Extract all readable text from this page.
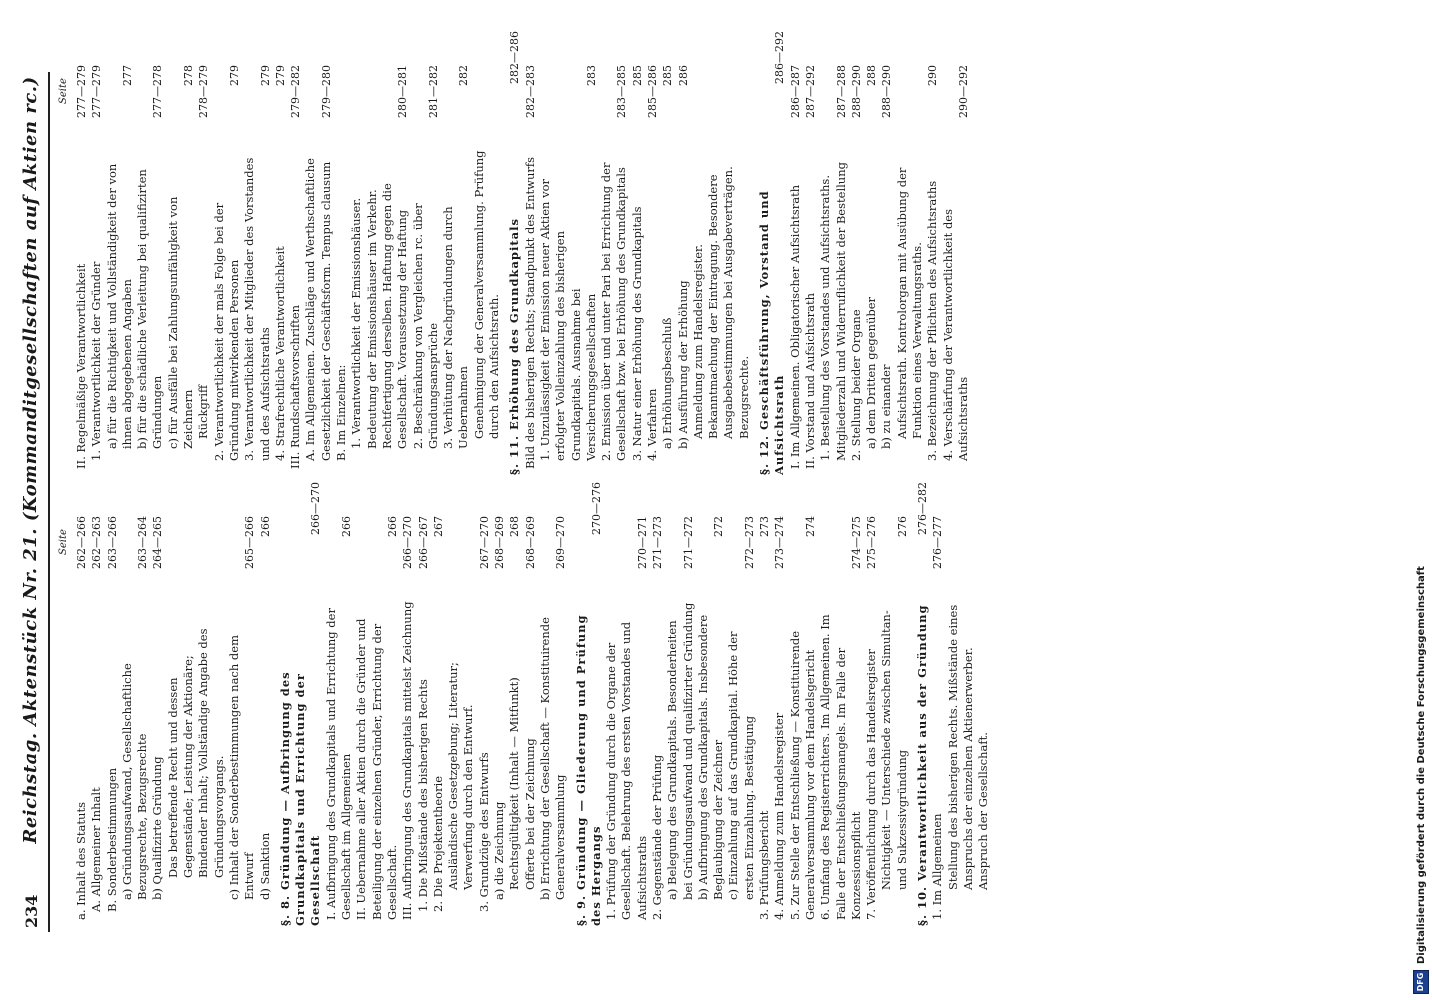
234
Reichstag. Aktenstück Nr. 21. (Kommanditgesellschaften auf Aktien rc.) Seite
Seite
a. Inhalt des Statuts
262—266
A. Allgemeiner Inhalt
262—263
B. Sonderbestimmungen
263—266
a) Gründungsaufwand, Gesellschaftliche Bezugsrechte, Bezugsrechte
263—264
b) Qualifizirte Gründung
264—265
Das betreffende Recht und dessen Gegenstände; Leistung der Aktionäre; Bindender Inhalt; Vollständige Angabe des Gründungsvorgangs. c) Inhalt der Sonderbestimmungen nach dem Entwurf
265—266
d) Sanktion
266
§. 8. Gründung — Aufbringung des Grundkapitals und Errichtung der Gesellschaft
266—270
I. Aufbringung des Grundkapitals und Errichtung der Gesellschaft im Allgemeinen
266
II. Uebernahme aller Aktien durch die Gründer und Beteiligung der einzelnen Gründer, Errichtung der Gesellschaft.
266
III. Aufbringung des Grundkapitals mittelst Zeichnung
266—270
1. Die Mißstände des bisherigen Rechts
266—267
2. Die Projektentheorie
267
Ausländische Gesetzgebung; Literatur; Verwerfung durch den Entwurf. 3. Grundzüge des Entwurfs
267—270
a) die Zeichnung
268—269
Rechtsgültigkeit (Inhalt — Mitfunkt)
268
Offerte bei der Zeichnung
268—269
b) Errichtung der Gesellschaft — Konstituirende Generalversammlung
269—270
§. 9. Gründung — Gliederung und Prüfung des Hergangs
270—276
1. Prüfung der Gründung durch die Organe der Gesellschaft. Belehrung des ersten Vorstandes und Aufsichtsraths
270—271
2. Gegenstände der Prüfung
271—273
a) Belegung des Grundkapitals. Besonderheiten bei Gründungsaufwand und qualifizirter Gründung
271—272
b) Aufbringung des Grundkapitals. Insbesondere Beglaubigung der Zeichner
272
c) Einzahlung auf das Grundkapital. Höhe der ersten Einzahlung. Bestätigung
272—273
3. Prüfungsbericht
273
4. Anmeldung zum Handelsregister
273—274
5. Zur Stelle der Entschließung — Konstituirende Generalversammlung vor dem Handelsgericht
274
6. Umfang des Registerrichters. Im Allgemeinen. Im Falle der Entschließungsmangels. Im Falle der Konzessionspflicht
274—275
7. Veröffentlichung durch das Handelsregister
275—276
Nichtigkeit — Unterschiede zwischen Simultan- und Sukzessivgründung
276
§. 10. Verantwortlichkeit aus der Gründung
276—282
1. Im Allgemeinen
276—277
Stellung des bisherigen Rechts. Mißstände eines Anspruchs der einzelnen Aktienerwerber. Anspruch der Gesellschaft.
II. Regelmäßige Verantwortlichkeit
277—279
1. Verantwortlichkeit der Gründer
277—279
a) für die Richtigkeit und Vollständigkeit der von ihnen abgegebenen Angaben
277
b) für die schädliche Verleitung bei qualifizirten Gründungen
277—278
c) für Ausfälle bei Zahlungsunfähigkeit von Zeichnern
278
Rückgriff
278—279
2. Verantwortlichkeit der mals Folge bei der Gründung mitwirkenden Personen
279
3. Verantwortlichkeit der Mitglieder des Vorstandes und des Aufsichtsraths
279
4. Strafrechtliche Verantwortlichkeit
279
III. Rundschaftsvorschriften
279—282
A. Im Allgemeinen. Zuschläge und Werthschaftliche Gesetzlichkeit der Geschäftsform. Tempus clausum
279—280
B. Im Einzelnen: 1. Verantwortlichkeit der Emissionshäuser. Bedeutung der Emissionshäuser im Verkehr. Rechtfertigung derselben. Haftung gegen die Gesellschaft. Voraussetzung der Haftung
280—281
2. Beschränkung von Vergleichen rc. über Gründungsansprüche
281—282
3. Verhütung der Nachgründungen durch Uebernahmen
282
Genehmigung der Generalversammlung. Prüfung durch den Aufsichtsrath. §. 11. Erhöhung des Grundkapitals
282—286
Bild des bisherigen Rechts; Standpunkt des Entwurfs
282—283
1. Unzulässigkeit der Emission neuer Aktien vor erfolgter Volleinzahlung des bisherigen Grundkapitals. Ausnahme bei Versicherungsgesellschaften
283
2. Emission über und unter Pari bei Errichtung der Gesellschaft bzw. bei Erhöhung des Grundkapitals
283—285
3. Natur einer Erhöhung des Grundkapitals
285
4. Verfahren
285—286
a) Erhöhungsbeschluß
285
b) Ausführung der Erhöhung
286
Anmeldung zum Handelsregister. Bekanntmachung der Eintragung. Besondere Ausgabebestimmungen bei Ausgabeverträgen. Bezugsrechte. §. 12. Geschäftsführung, Vorstand und Aufsichtsrath
286—292
I. Im Allgemeinen. Obligatorischer Aufsichtsrath
286—287
II. Vorstand und Aufsichtsrath
287—292
1. Bestellung des Vorstandes und Aufsichtsraths. Mitgliederzahl und Widerruflichkeit der Bestellung
287—288
2. Stellung beider Organe
288—290
a) dem Dritten gegenüber
288
b) zu einander
288—290
Aufsichtsrath. Kontrolorgan mit Ausübung der Funktion eines Verwaltungsraths. 3. Bezeichnung der Pflichten des Aufsichtsraths
290
4. Verschärfung der Verantwortlichkeit des Aufsichtsraths
290—292
DFG
Digitalisierung gefördert durch die Deutsche Forschungsgemeinschaft
